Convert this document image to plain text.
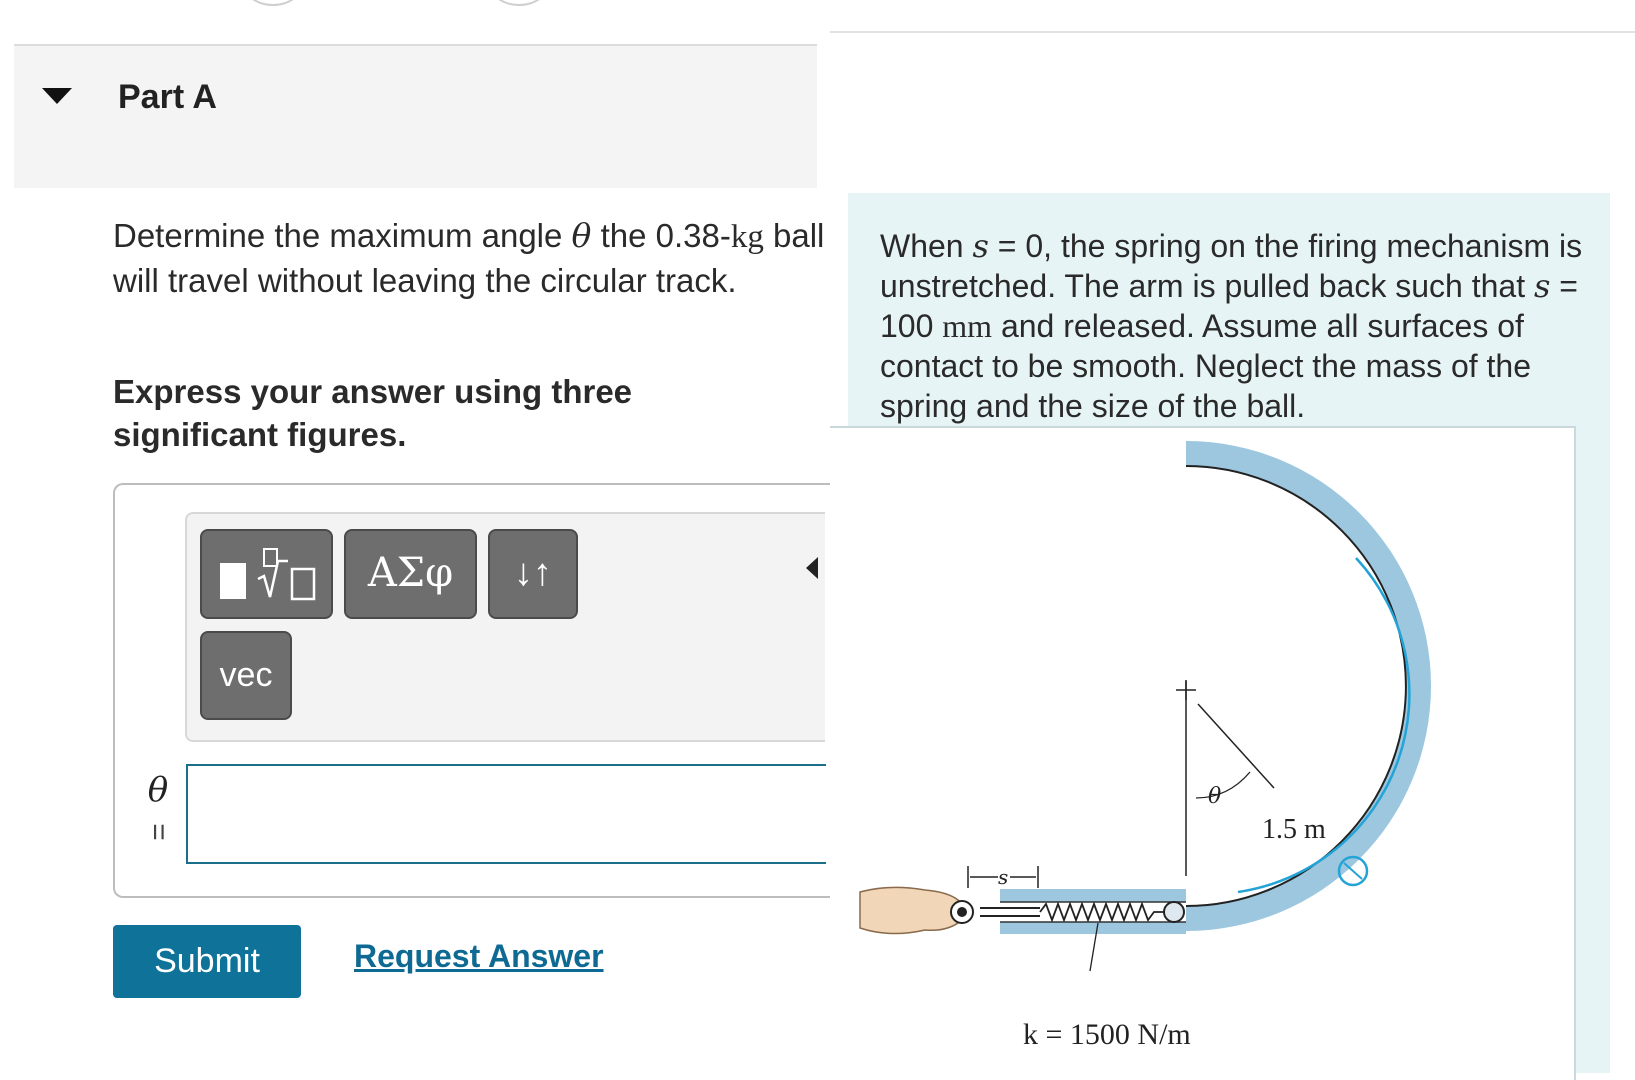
Part A
Determine the maximum angle θ the 0.38-kg ball will travel without leaving the circular track.
Express your answer using three significant figures.
ΑΣφ	↓↑
vec
θ
=
Submit	Request Answer
When s = 0, the spring on the firing mechanism is unstretched. The arm is pulled back such that s = 100 mm and released. Assume all surfaces of contact to be smooth. Neglect the mass of the spring and the size of the ball.
s
θ
1.5 m
k = 1500 N/m
